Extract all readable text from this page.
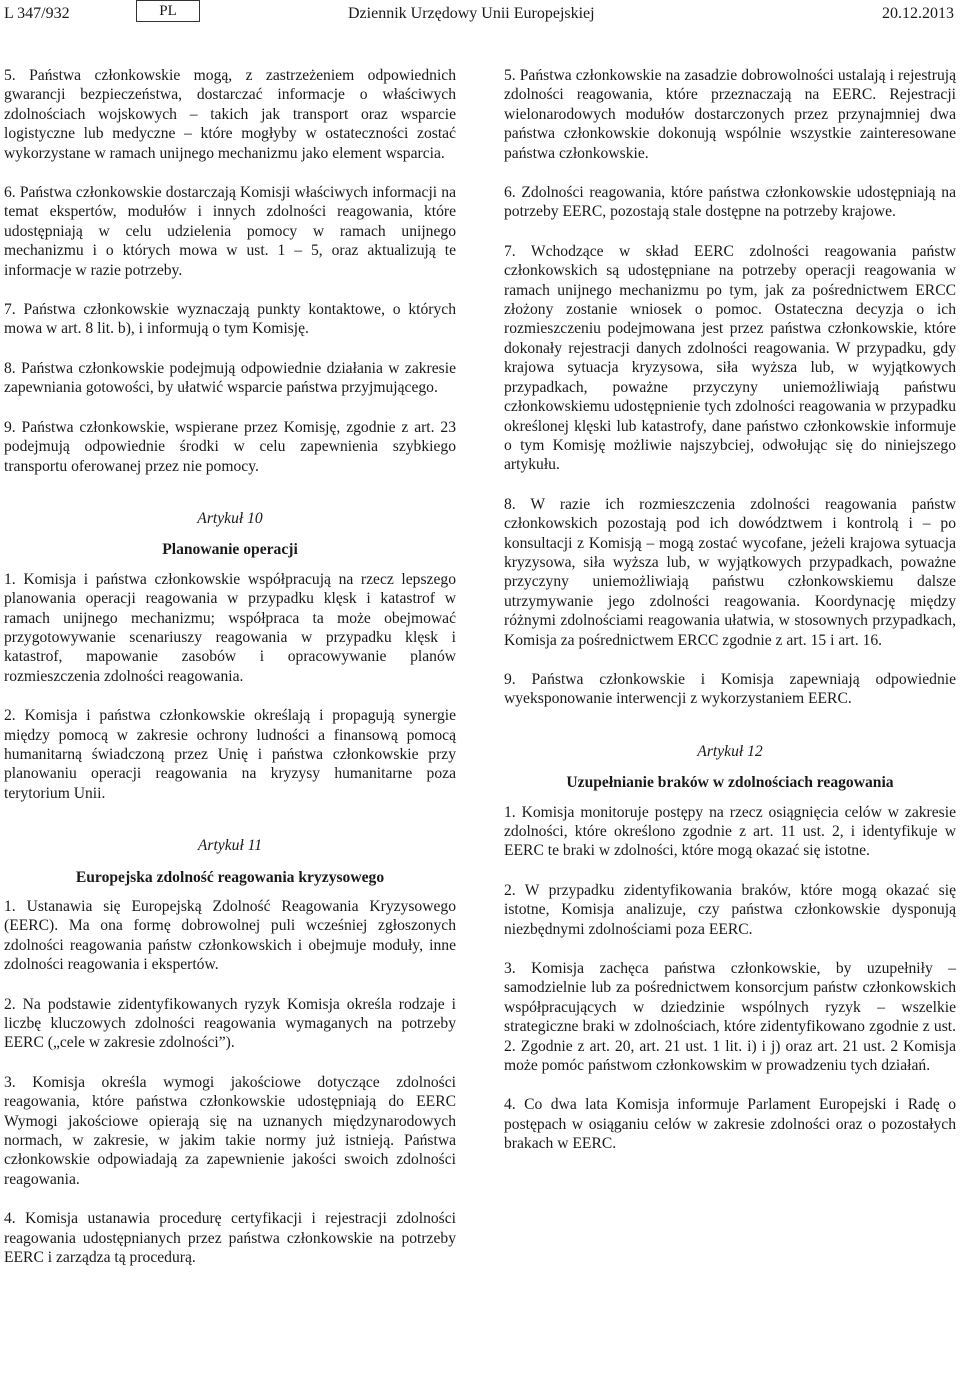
L 347/932	PL	Dziennik Urzędowy Unii Europejskiej	20.12.2013

5. Państwa członkowskie mogą, z zastrzeżeniem odpowiednich gwarancji bezpieczeństwa, dostarczać informacje o właściwych zdolnościach wojskowych – takich jak transport oraz wsparcie logistyczne lub medyczne – które mogłyby w ostateczności zostać wykorzystane w ramach unijnego mechanizmu jako element wsparcia.

6. Państwa członkowskie dostarczają Komisji właściwych informacji na temat ekspertów, modułów i innych zdolności reagowania, które udostępniają w celu udzielenia pomocy w ramach unijnego mechanizmu i o których mowa w ust. 1 – 5, oraz aktualizują te informacje w razie potrzeby.

7. Państwa członkowskie wyznaczają punkty kontaktowe, o których mowa w art. 8 lit. b), i informują o tym Komisję.

8. Państwa członkowskie podejmują odpowiednie działania w zakresie zapewniania gotowości, by ułatwić wsparcie państwa przyjmującego.

9. Państwa członkowskie, wspierane przez Komisję, zgodnie z art. 23 podejmują odpowiednie środki w celu zapewnienia szybkiego transportu oferowanej przez nie pomocy.

Artykuł 10

Planowanie operacji

1. Komisja i państwa członkowskie współpracują na rzecz lepszego planowania operacji reagowania w przypadku klęsk i katastrof w ramach unijnego mechanizmu; współpraca ta może obejmować przygotowywanie scenariuszy reagowania w przypadku klęsk i katastrof, mapowanie zasobów i opracowywanie planów rozmieszczenia zdolności reagowania.

2. Komisja i państwa członkowskie określają i propagują synergie między pomocą w zakresie ochrony ludności a finansową pomocą humanitarną świadczoną przez Unię i państwa członkowskie przy planowaniu operacji reagowania na kryzysy humanitarne poza terytorium Unii.

Artykuł 11

Europejska zdolność reagowania kryzysowego

1. Ustanawia się Europejską Zdolność Reagowania Kryzysowego (EERC). Ma ona formę dobrowolnej puli wcześniej zgłoszonych zdolności reagowania państw członkowskich i obejmuje moduły, inne zdolności reagowania i ekspertów.

2. Na podstawie zidentyfikowanych ryzyk Komisja określa rodzaje i liczbę kluczowych zdolności reagowania wymaganych na potrzeby EERC („cele w zakresie zdolności”).

3. Komisja określa wymogi jakościowe dotyczące zdolności reagowania, które państwa członkowskie udostępniają do EERC Wymogi jakościowe opierają się na uznanych międzynarodowych normach, w zakresie, w jakim takie normy już istnieją. Państwa członkowskie odpowiadają za zapewnienie jakości swoich zdolności reagowania.

4. Komisja ustanawia procedurę certyfikacji i rejestracji zdolności reagowania udostępnianych przez państwa członkowskie na potrzeby EERC i zarządza tą procedurą.

5. Państwa członkowskie na zasadzie dobrowolności ustalają i rejestrują zdolności reagowania, które przeznaczają na EERC. Rejestracji wielonarodowych modułów dostarczonych przez przynajmniej dwa państwa członkowskie dokonują wspólnie wszystkie zainteresowane państwa członkowskie.

6. Zdolności reagowania, które państwa członkowskie udostępniają na potrzeby EERC, pozostają stale dostępne na potrzeby krajowe.

7. Wchodzące w skład EERC zdolności reagowania państw członkowskich są udostępniane na potrzeby operacji reagowania w ramach unijnego mechanizmu po tym, jak za pośrednictwem ERCC złożony zostanie wniosek o pomoc. Ostateczna decyzja o ich rozmieszczeniu podejmowana jest przez państwa członkowskie, które dokonały rejestracji danych zdolności reagowania. W przypadku, gdy krajowa sytuacja kryzysowa, siła wyższa lub, w wyjątkowych przypadkach, poważne przyczyny uniemożliwiają państwu członkowskiemu udostępnienie tych zdolności reagowania w przypadku określonej klęski lub katastrofy, dane państwo członkowskie informuje o tym Komisję możliwie najszybciej, odwołując się do niniejszego artykułu.

8. W razie ich rozmieszczenia zdolności reagowania państw członkowskich pozostają pod ich dowództwem i kontrolą i – po konsultacji z Komisją – mogą zostać wycofane, jeżeli krajowa sytuacja kryzysowa, siła wyższa lub, w wyjątkowych przypadkach, poważne przyczyny uniemożliwiają państwu członkowskiemu dalsze utrzymywanie jego zdolności reagowania. Koordynację między różnymi zdolnościami reagowania ułatwia, w stosownych przypadkach, Komisja za pośrednictwem ERCC zgodnie z art. 15 i art. 16.

9. Państwa członkowskie i Komisja zapewniają odpowiednie wyeksponowanie interwencji z wykorzystaniem EERC.

Artykuł 12

Uzupełnianie braków w zdolnościach reagowania

1. Komisja monitoruje postępy na rzecz osiągnięcia celów w zakresie zdolności, które określono zgodnie z art. 11 ust. 2, i identyfikuje w EERC te braki w zdolności, które mogą okazać się istotne.

2. W przypadku zidentyfikowania braków, które mogą okazać się istotne, Komisja analizuje, czy państwa członkowskie dysponują niezbędnymi zdolnościami poza EERC.

3. Komisja zachęca państwa członkowskie, by uzupełniły – samodzielnie lub za pośrednictwem konsorcjum państw członkowskich współpracujących w dziedzinie wspólnych ryzyk – wszelkie strategiczne braki w zdolnościach, które zidentyfikowano zgodnie z ust. 2. Zgodnie z art. 20, art. 21 ust. 1 lit. i) i j) oraz art. 21 ust. 2 Komisja może pomóc państwom członkowskim w prowadzeniu tych działań.

4. Co dwa lata Komisja informuje Parlament Europejski i Radę o postępach w osiąganiu celów w zakresie zdolności oraz o pozostałych brakach w EERC.
